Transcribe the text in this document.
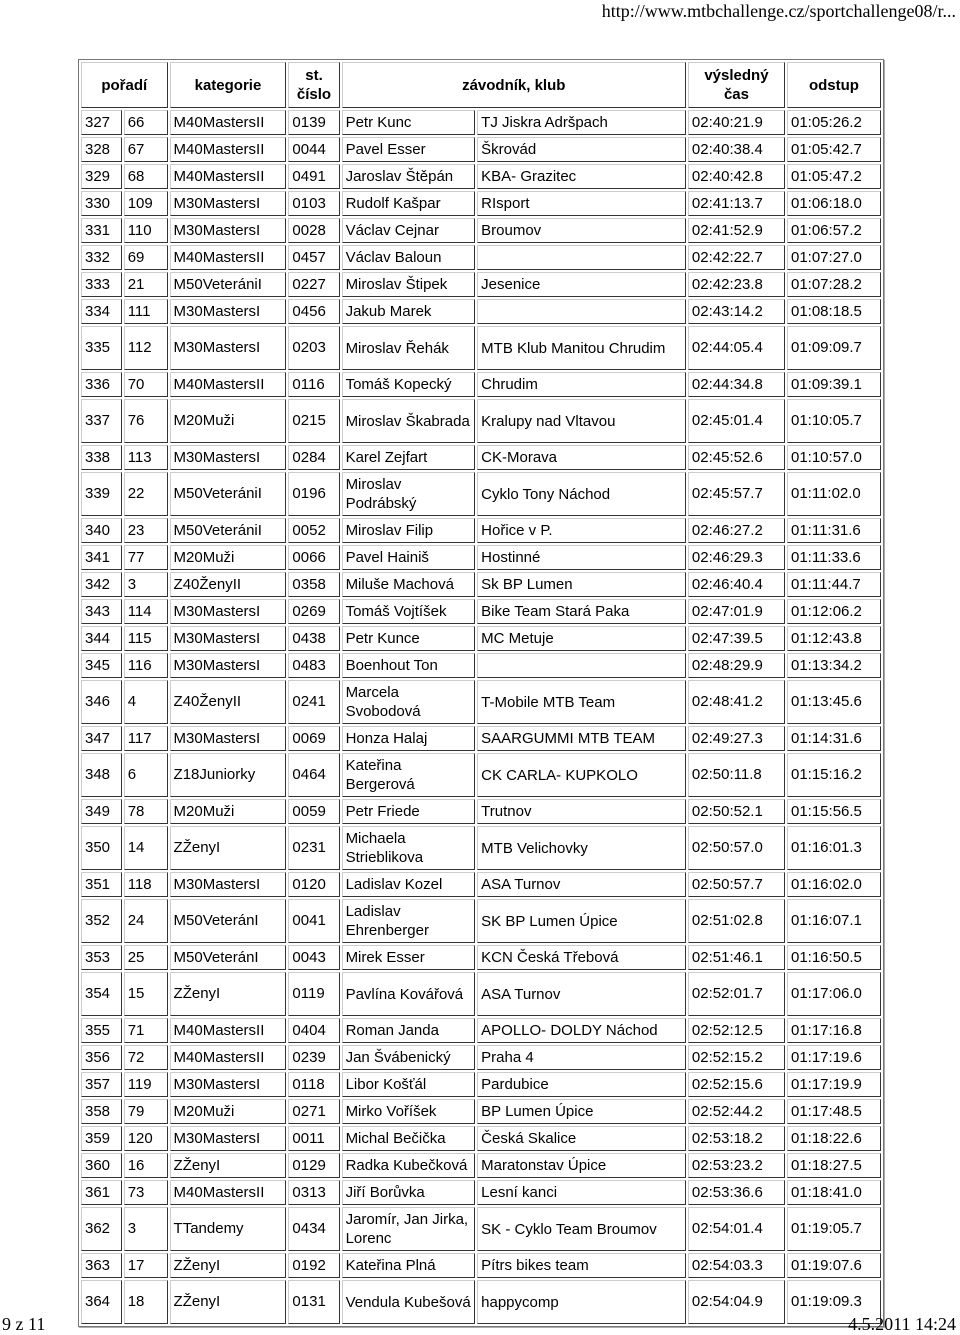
http://www.mtbchallenge.cz/sportchallenge08/r...
pořadí		kategorie	st. číslo	závodník, klub		výsledný čas	odstup
327	66	M40MastersII	0139	Petr Kunc	TJ Jiskra Adršpach	02:40:21.9	01:05:26.2
328	67	M40MastersII	0044	Pavel Esser	Škrovád	02:40:38.4	01:05:42.7
329	68	M40MastersII	0491	Jaroslav Štěpán	KBA- Grazitec	02:40:42.8	01:05:47.2
330	109	M30MastersI	0103	Rudolf Kašpar	RIsport	02:41:13.7	01:06:18.0
331	110	M30MastersI	0028	Václav Cejnar	Broumov	02:41:52.9	01:06:57.2
332	69	M40MastersII	0457	Václav Baloun		02:42:22.7	01:07:27.0
333	21	M50VeterániI	0227	Miroslav Štipek	Jesenice	02:42:23.8	01:07:28.2
334	111	M30MastersI	0456	Jakub Marek		02:43:14.2	01:08:18.5
335	112	M30MastersI	0203	Miroslav Řehák	MTB Klub Manitou Chrudim	02:44:05.4	01:09:09.7
336	70	M40MastersII	0116	Tomáš Kopecký	Chrudim	02:44:34.8	01:09:39.1
337	76	M20Muži	0215	Miroslav Škabrada	Kralupy nad Vltavou	02:45:01.4	01:10:05.7
338	113	M30MastersI	0284	Karel Zejfart	CK-Morava	02:45:52.6	01:10:57.0
339	22	M50VeterániI	0196	Miroslav Podrábský	Cyklo Tony Náchod	02:45:57.7	01:11:02.0
340	23	M50VeterániI	0052	Miroslav Filip	Hořice v P.	02:46:27.2	01:11:31.6
341	77	M20Muži	0066	Pavel Hainiš	Hostinné	02:46:29.3	01:11:33.6
342	3	Z40ŽenyII	0358	Miluše Machová	Sk BP Lumen	02:46:40.4	01:11:44.7
343	114	M30MastersI	0269	Tomáš Vojtíšek	Bike Team Stará Paka	02:47:01.9	01:12:06.2
344	115	M30MastersI	0438	Petr Kunce	MC Metuje	02:47:39.5	01:12:43.8
345	116	M30MastersI	0483	Boenhout Ton		02:48:29.9	01:13:34.2
346	4	Z40ŽenyII	0241	Marcela Svobodová	T-Mobile MTB Team	02:48:41.2	01:13:45.6
347	117	M30MastersI	0069	Honza Halaj	SAARGUMMI MTB TEAM	02:49:27.3	01:14:31.6
348	6	Z18Juniorky	0464	Kateřina Bergerová	CK CARLA- KUPKOLO	02:50:11.8	01:15:16.2
349	78	M20Muži	0059	Petr Friede	Trutnov	02:50:52.1	01:15:56.5
350	14	ZŽenyI	0231	Michaela Strieblikova	MTB Velichovky	02:50:57.0	01:16:01.3
351	118	M30MastersI	0120	Ladislav Kozel	ASA Turnov	02:50:57.7	01:16:02.0
352	24	M50VeteránI	0041	Ladislav Ehrenberger	SK BP Lumen Úpice	02:51:02.8	01:16:07.1
353	25	M50VeteránI	0043	Mirek Esser	KCN Česká Třebová	02:51:46.1	01:16:50.5
354	15	ZŽenyI	0119	Pavlína Kovářová	ASA Turnov	02:52:01.7	01:17:06.0
355	71	M40MastersII	0404	Roman Janda	APOLLO- DOLDY Náchod	02:52:12.5	01:17:16.8
356	72	M40MastersII	0239	Jan Švábenický	Praha 4	02:52:15.2	01:17:19.6
357	119	M30MastersI	0118	Libor Košťál	Pardubice	02:52:15.6	01:17:19.9
358	79	M20Muži	0271	Mirko Voříšek	BP Lumen Úpice	02:52:44.2	01:17:48.5
359	120	M30MastersI	0011	Michal Bečička	Česká Skalice	02:53:18.2	01:18:22.6
360	16	ZŽenyI	0129	Radka Kubečková	Maratonstav Úpice	02:53:23.2	01:18:27.5
361	73	M40MastersII	0313	Jiří Borůvka	Lesní kanci	02:53:36.6	01:18:41.0
362	3	TTandemy	0434	Jaromír, Jan Jirka, Lorenc	SK - Cyklo Team Broumov	02:54:01.4	01:19:05.7
363	17	ZŽenyI	0192	Kateřina Plná	Pítrs bikes team	02:54:03.3	01:19:07.6
364	18	ZŽenyI	0131	Vendula Kubešová	happycomp	02:54:04.9	01:19:09.3
9 z 11	4.5.2011 14:24
